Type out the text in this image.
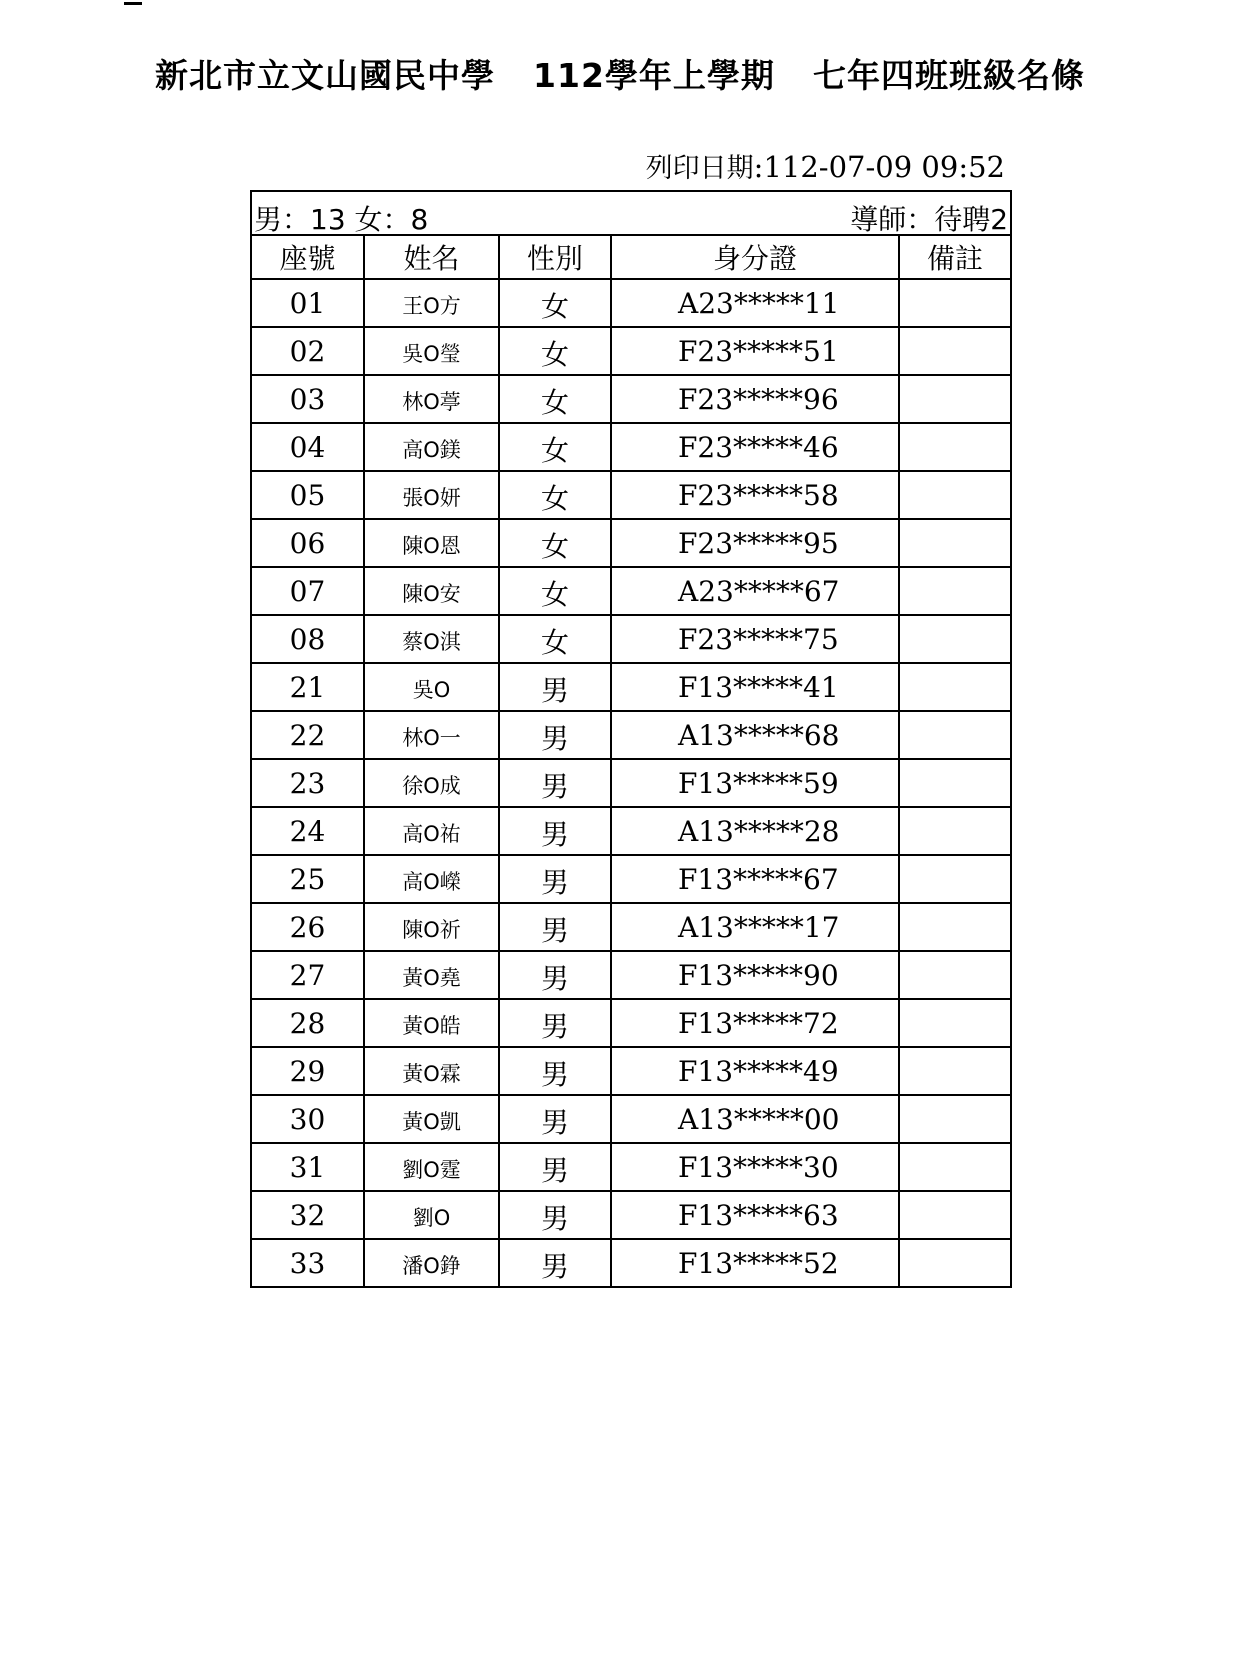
新北市立文山國民中學 112學年上學期 七年四班班級名條
列印日期:112-07-09 09:52
男：13 女：8 導師：待聘2				

座號	姓名	性別	身分證	備註
01	王O方	女	A23*****11	
02	吳O瑩	女	F23*****51	
03	林O葶	女	F23*****96	
04	高O鎂	女	F23*****46	
05	張O妍	女	F23*****58	
06	陳O恩	女	F23*****95	
07	陳O安	女	A23*****67	
08	蔡O淇	女	F23*****75	
21	吳O	男	F13*****41	
22	林O一	男	A13*****68	
23	徐O成	男	F13*****59	
24	高O祐	男	A13*****28	
25	高O嶸	男	F13*****67	
26	陳O祈	男	A13*****17	
27	黃O堯	男	F13*****90	
28	黃O皓	男	F13*****72	
29	黃O霖	男	F13*****49	
30	黃O凱	男	A13*****00	
31	劉O霆	男	F13*****30	
32	劉O	男	F13*****63	
33	潘O錚	男	F13*****52	
